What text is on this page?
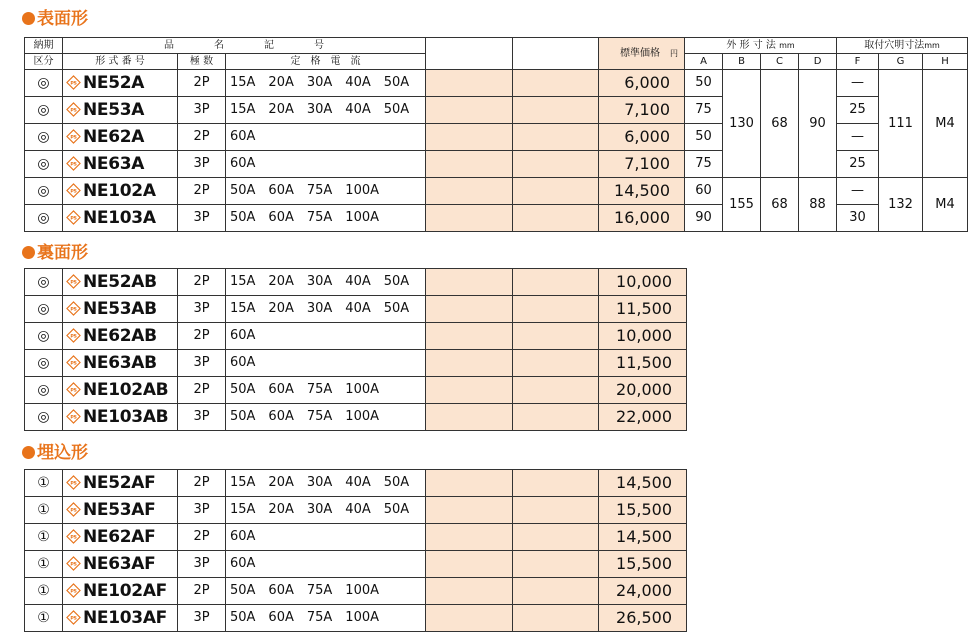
表面形
納期	品　　　　名　　　　記　　　　号					標準価格　 円	外 形 寸 法 mm				取付穴明寸法mm		
区分	形 式 番 号	極 数	定　格　電　流				A	B	C	D	F	G	H
◎	PS NE52A	2P	15A　20A　30A　40A　50A			6,000	50	130	68	90	—	111	M4
◎	PS NE53A	3P	15A　20A　30A　40A　50A			7,100	75				25		
◎	PS NE62A	2P	60A			6,000	50				—		
◎	PS NE63A	3P	60A			7,100	75				25		
◎	PS NE102A	2P	50A　60A　75A　100A			14,500	60	155	68	88	—	132	M4
◎	PS NE103A	3P	50A　60A　75A　100A			16,000	90				30		
裏面形
◎	PS NE52AB	2P	15A　20A　30A　40A　50A			10,000
◎	PS NE53AB	3P	15A　20A　30A　40A　50A			11,500
◎	PS NE62AB	2P	60A			10,000
◎	PS NE63AB	3P	60A			11,500
◎	PS NE102AB	2P	50A　60A　75A　100A			20,000
◎	PS NE103AB	3P	50A　60A　75A　100A			22,000
埋込形
①	PS NE52AF	2P	15A　20A　30A　40A　50A			14,500
①	PS NE53AF	3P	15A　20A　30A　40A　50A			15,500
①	PS NE62AF	2P	60A			14,500
①	PS NE63AF	3P	60A			15,500
①	PS NE102AF	2P	50A　60A　75A　100A			24,000
①	PS NE103AF	3P	50A　60A　75A　100A			26,500
